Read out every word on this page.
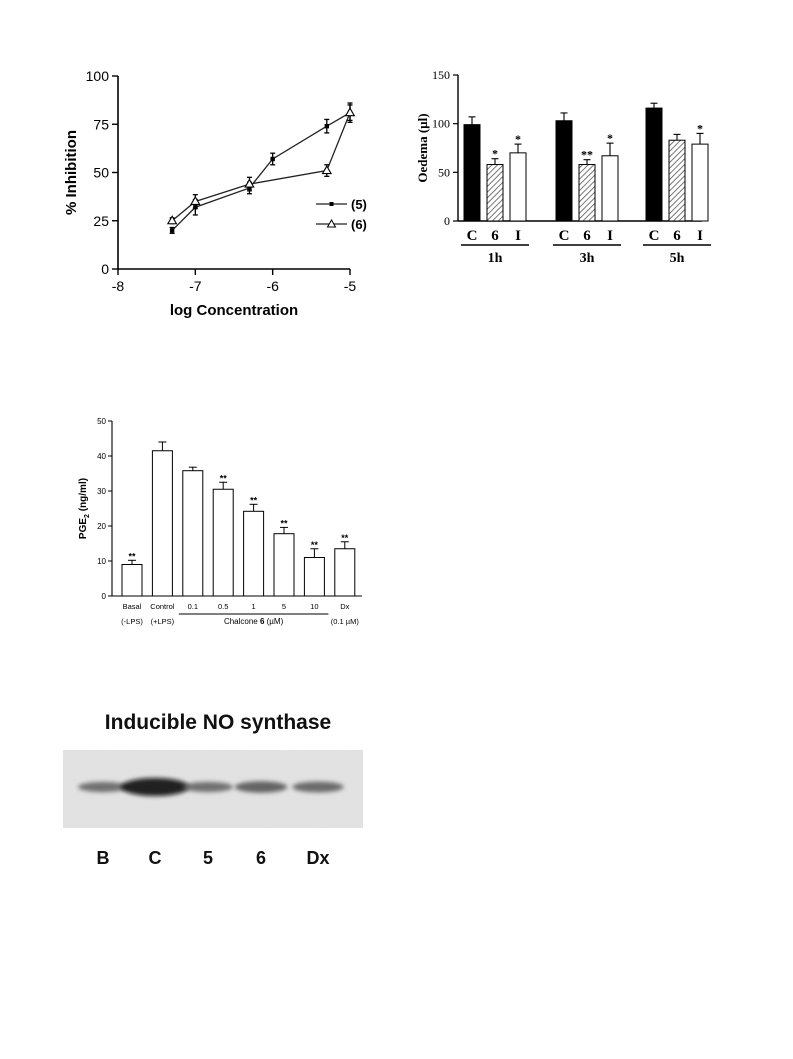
-8	-7	-6	-5
0
25
50
75
100
log Concentration
% Inhibition	(5)
(6)	0
50
100
150
Oedema (µl)
C
*
6
*
I
1h
C
**
6
*
I
3h
C 6
*
I
5h
0
10
20
30
40
50
$PGE_2$ (ng/ml)
**
Basal
(-LPS)
Control
(+LPS)
0.1
**
0.5
**
1
**
5
**
10
**
Dx
(0.1 µM)
Chalcone 6 (µM)
Inducible NO synthase
B C 5 6 Dx
